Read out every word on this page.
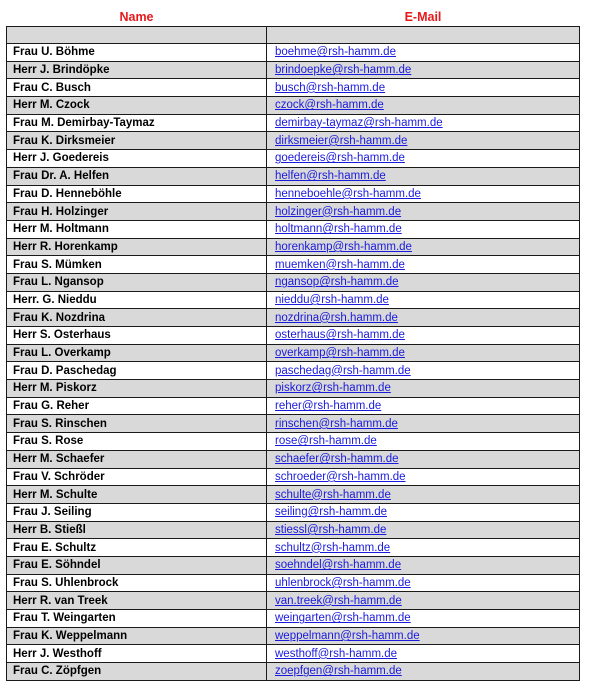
Name	E-Mail

Frau U. Böhme	boehme@rsh-hamm.de
Herr J. Brindöpke	brindoepke@rsh-hamm.de
Frau C. Busch	busch@rsh-hamm.de
Herr M. Czock	czock@rsh-hamm.de
Frau M. Demirbay-Taymaz	demirbay-taymaz@rsh-hamm.de
Frau K. Dirksmeier	dirksmeier@rsh-hamm.de
Herr J. Goedereis	goedereis@rsh-hamm.de
Frau Dr. A. Helfen	helfen@rsh-hamm.de
Frau D. Henneböhle	henneboehle@rsh-hamm.de
Frau H. Holzinger	holzinger@rsh-hamm.de
Herr M. Holtmann	holtmann@rsh-hamm.de
Herr R. Horenkamp	horenkamp@rsh-hamm.de
Frau S. Mümken	muemken@rsh-hamm.de
Frau L. Ngansop	ngansop@rsh-hamm.de
Herr. G. Nieddu	nieddu@rsh-hamm.de
Frau K. Nozdrina	nozdrina@rsh.hamm.de
Herr S. Osterhaus	osterhaus@rsh-hamm.de
Frau L. Overkamp	overkamp@rsh-hamm.de
Frau D. Paschedag	paschedag@rsh-hamm.de
Herr M. Piskorz	piskorz@rsh-hamm.de
Frau G. Reher	reher@rsh-hamm.de
Frau S. Rinschen	rinschen@rsh-hamm.de
Frau S. Rose	rose@rsh-hamm.de
Herr M. Schaefer	schaefer@rsh-hamm.de
Frau V. Schröder	schroeder@rsh-hamm.de
Herr M. Schulte	schulte@rsh-hamm.de
Frau J. Seiling	seiling@rsh-hamm.de
Herr B. Stießl	stiessl@rsh-hamm.de
Frau E. Schultz	schultz@rsh-hamm.de
Frau E. Söhndel	soehndel@rsh-hamm.de
Frau S. Uhlenbrock	uhlenbrock@rsh-hamm.de
Herr R. van Treek	van.treek@rsh-hamm.de
Frau T. Weingarten	weingarten@rsh-hamm.de
Frau K. Weppelmann	weppelmann@rsh-hamm.de
Herr J. Westhoff	westhoff@rsh-hamm.de
Frau C. Zöpfgen	zoepfgen@rsh-hamm.de
